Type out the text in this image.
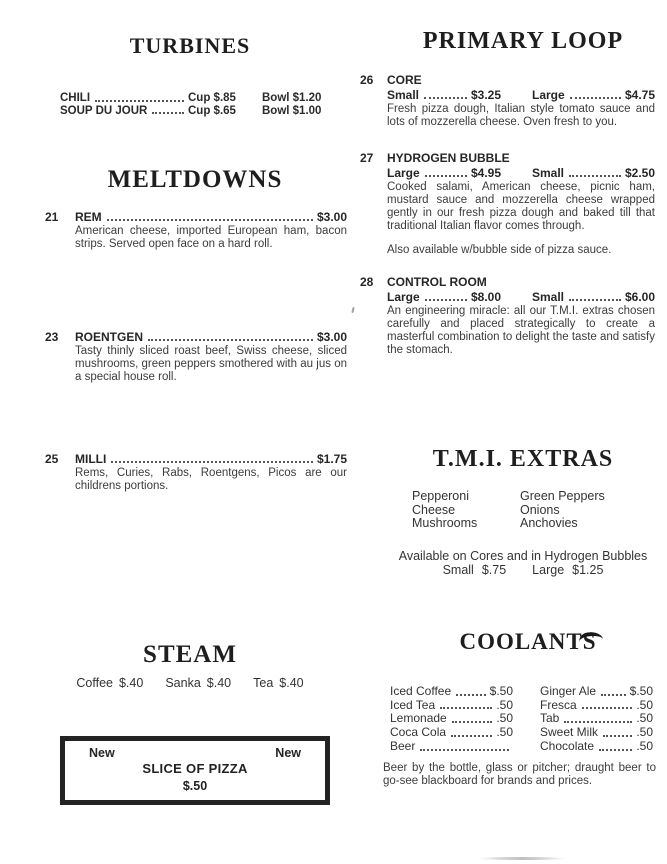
TURBINES
CHILI	Cup $.85	Bowl $1.20
SOUP DU JOUR	Cup $.65	Bowl $1.00
MELTDOWNS
21	REM	$3.00
American cheese, imported European ham, bacon strips. Served open face on a hard roll.
23	ROENTGEN	$3.00
Tasty thinly sliced roast beef, Swiss cheese, sliced mushrooms, green peppers smothered with au jus on a special house roll.
25	MILLI	$1.75
Rems, Curies, Rabs, Roentgens, Picos are our childrens portions.
STEAM
Coffee $.40 Sanka $.40 Tea $.40
New	New
SLICE OF PIZZA
$.50
PRIMARY LOOP
26	CORE
Small	$3.25	Large	$4.75
Fresh pizza dough, Italian style tomato sauce and lots of mozzerella cheese. Oven fresh to you.
27	HYDROGEN BUBBLE
Large	$4.95	Small	$2.50
Cooked salami, American cheese, picnic ham, mustard sauce and mozzerella cheese wrapped gently in our fresh pizza dough and baked till that traditional Italian flavor comes through.
Also available w/bubble side of pizza sauce.
28	CONTROL ROOM
Large	$8.00	Small	$6.00
An engineering miracle: all our T.M.I. extras chosen carefully and placed strategically to create a masterful combination to delight the taste and satisfy the stomach.
T.M.I. EXTRAS
Pepperoni
Cheese
Mushrooms
Green Peppers
Onions
Anchovies
Available on Cores and in Hydrogen Bubbles
Small $.75 Large $1.25
COOLANTS
Iced Coffee	$.50
Iced Tea	.50
Lemonade	.50
Coca Cola	.50
Beer
Ginger Ale	$.50
Fresca	.50
Tab	.50
Sweet Milk	.50
Chocolate	.50
Beer by the bottle, glass or pitcher; draught beer to go-see blackboard for brands and prices.
